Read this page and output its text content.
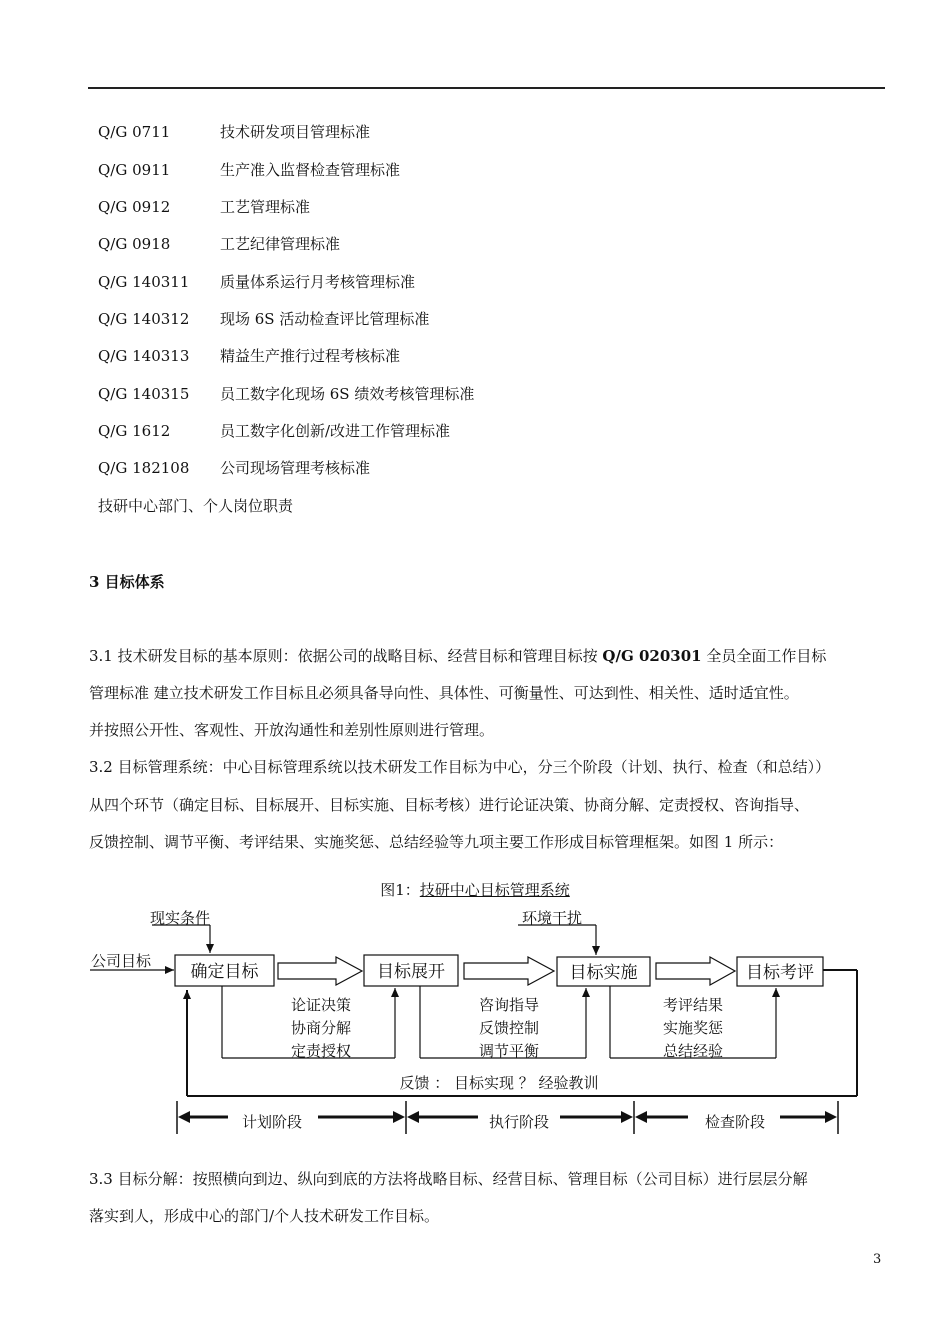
Q/G 0711	技术研发项目管理标准
Q/G 0911	生产准入监督检查管理标准
Q/G 0912	工艺管理标准
Q/G 0918	工艺纪律管理标准
Q/G 140311	质量体系运行月考核管理标准
Q/G 140312	现场 6S 活动检查评比管理标准
Q/G 140313	精益生产推行过程考核标准
Q/G 140315	员工数字化现场 6S 绩效考核管理标准
Q/G 1612	员工数字化创新/改进工作管理标准
Q/G 182108	公司现场管理考核标准
技研中心部门、个人岗位职责
3 目标体系
3.1 技术研发目标的基本原则：依据公司的战略目标、经营目标和管理目标按 Q/G 020301 全员全面工作目标
管理标准 建立技术研发工作目标且必须具备导向性、具体性、可衡量性、可达到性、相关性、适时适宜性。
并按照公开性、客观性、开放沟通性和差别性原则进行管理。
3.2 目标管理系统：中心目标管理系统以技术研发工作目标为中心，分三个阶段（计划、执行、检查（和总结））
从四个环节（确定目标、目标展开、目标实施、目标考核）进行论证决策、协商分解、定责授权、咨询指导、
反馈控制、调节平衡、考评结果、实施奖惩、总结经验等九项主要工作形成目标管理框架。如图 1 所示：
图1：技研中心目标管理系统
现实条件
公司目标
环境干扰
确定目标	目标展开	目标实施	目标考评
论证决策
协商分解
定责授权
咨询指导
反馈控制
调节平衡
考评结果
实施奖惩
总结经验
反馈 ： 目标实现 ？ 经验教训
计划阶段	执行阶段	检查阶段
3.3 目标分解：按照横向到边、纵向到底的方法将战略目标、经营目标、管理目标（公司目标）进行层层分解
落实到人，形成中心的部门/个人技术研发工作目标。
3
